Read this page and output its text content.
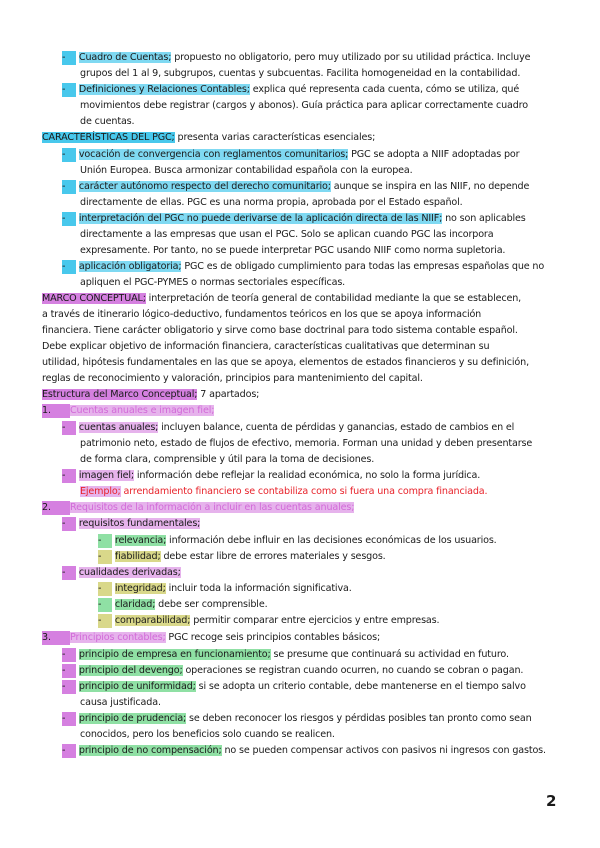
- Cuadro de Cuentas; propuesto no obligatorio, pero muy utilizado por su utilidad práctica. Incluye
grupos del 1 al 9, subgrupos, cuentas y subcuentas. Facilita homogeneidad en la contabilidad.
- Definiciones y Relaciones Contables; explica qué representa cada cuenta, cómo se utiliza, qué
movimientos debe registrar (cargos y abonos). Guía práctica para aplicar correctamente cuadro
de cuentas.
CARACTERÍSTICAS DEL PGC; presenta varias características esenciales;
- vocación de convergencia con reglamentos comunitarios; PGC se adopta a NIIF adoptadas por
Unión Europea. Busca armonizar contabilidad española con la europea.
- carácter autónomo respecto del derecho comunitario; aunque se inspira en las NIIF, no depende
directamente de ellas. PGC es una norma propia, aprobada por el Estado español.
- interpretación del PGC no puede derivarse de la aplicación directa de las NIIF; no son aplicables
directamente a las empresas que usan el PGC. Solo se aplican cuando PGC las incorpora
expresamente. Por tanto, no se puede interpretar PGC usando NIIF como norma supletoria.
- aplicación obligatoria; PGC es de obligado cumplimiento para todas las empresas españolas que no
apliquen el PGC-PYMES o normas sectoriales específicas.
MARCO CONCEPTUAL; interpretación de teoría general de contabilidad mediante la que se establecen,
a través de itinerario lógico-deductivo, fundamentos teóricos en los que se apoya información
financiera. Tiene carácter obligatorio y sirve como base doctrinal para todo sistema contable español.
Debe explicar objetivo de información financiera, características cualitativas que determinan su
utilidad, hipótesis fundamentales en las que se apoya, elementos de estados financieros y su definición,
reglas de reconocimiento y valoración, principios para mantenimiento del capital.
Estructura del Marco Conceptual; 7 apartados;
1. Cuentas anuales e imagen fiel;
- cuentas anuales; incluyen balance, cuenta de pérdidas y ganancias, estado de cambios en el
patrimonio neto, estado de flujos de efectivo, memoria. Forman una unidad y deben presentarse
de forma clara, comprensible y útil para la toma de decisiones.
- imagen fiel; información debe reflejar la realidad económica, no solo la forma jurídica.
Ejemplo; arrendamiento financiero se contabiliza como si fuera una compra financiada.
2. Requisitos de la información a incluir en las cuentas anuales;
- requisitos fundamentales;
- relevancia; información debe influir en las decisiones económicas de los usuarios.
- fiabilidad; debe estar libre de errores materiales y sesgos.
- cualidades derivadas;
- integridad; incluir toda la información significativa.
- claridad; debe ser comprensible.
- comparabilidad; permitir comparar entre ejercicios y entre empresas.
3. Principios contables; PGC recoge seis principios contables básicos;
- principio de empresa en funcionamiento; se presume que continuará su actividad en futuro.
- principio del devengo; operaciones se registran cuando ocurren, no cuando se cobran o pagan.
- principio de uniformidad; si se adopta un criterio contable, debe mantenerse en el tiempo salvo
causa justificada.
- principio de prudencia; se deben reconocer los riesgos y pérdidas posibles tan pronto como sean
conocidos, pero los beneficios solo cuando se realicen.
- principio de no compensación; no se pueden compensar activos con pasivos ni ingresos con gastos.
2
